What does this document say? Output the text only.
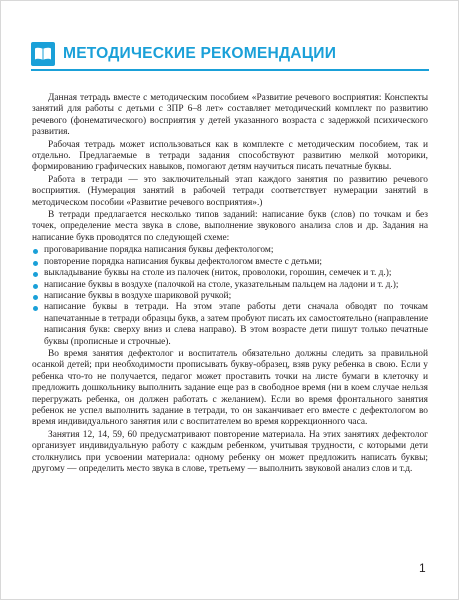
МЕТОДИЧЕСКИЕ РЕКОМЕНДАЦИИ

Данная тетрадь вместе с методическим пособием «Развитие речевого восприятия: Конспекты занятий для работы с детьми с ЗПР 6–8 лет» составляет методический комплект по развитию речевого (фонематического) восприятия у детей указанного возраста с задержкой психического развития.

Рабочая тетрадь может использоваться как в комплекте с методическим пособием, так и отдельно. Предлагаемые в тетради задания способствуют развитию мелкой моторики, формированию графических навыков, помогают детям научиться писать печатные буквы.

Работа в тетради — это заключительный этап каждого занятия по развитию речевого восприятия. (Нумерация занятий в рабочей тетради соответствует нумерации занятий в методическом пособии «Развитие речевого восприятия».)

В тетради предлагается несколько типов заданий: написание букв (слов) по точкам и без точек, определение места звука в слове, выполнение звукового анализа слов и др. Задания на написание букв проводятся по следующей схеме:

проговаривание порядка написания буквы дефектологом;
повторение порядка написания буквы дефектологом вместе с детьми;
выкладывание буквы на столе из палочек (ниток, проволоки, горошин, семечек и т. д.);
написание буквы в воздухе (палочкой на столе, указательным пальцем на ладони и т. д.);
написание буквы в воздухе шариковой ручкой;
написание буквы в тетради. На этом этапе работы дети сначала обводят по точкам напечатанные в тетради образцы букв, а затем пробуют писать их самостоятельно (направление написания букв: сверху вниз и слева направо). В этом возрасте дети пишут только печатные буквы (прописные и строчные).

Во время занятия дефектолог и воспитатель обязательно должны следить за правильной осанкой детей; при необходимости прописывать букву-образец, взяв руку ребенка в свою. Если у ребенка что-то не получается, педагог может проставить точки на листе бумаги в клеточку и предложить дошкольнику выполнить задание еще раз в свободное время (ни в коем случае нельзя перегружать ребенка, он должен работать с желанием). Если во время фронтального занятия ребенок не успел выполнить задание в тетради, то он заканчивает его вместе с дефектологом во время индивидуального занятия или с воспитателем во время коррекционного часа.

Занятия 12, 14, 59, 60 предусматривают повторение материала. На этих занятиях дефектолог организует индивидуальную работу с каждым ребенком, учитывая трудности, с которыми дети столкнулись при усвоении материала: одному ребенку он может предложить написать буквы; другому — определить место звука в слове, третьему — выполнить звуковой анализ слов и т.д.

1
